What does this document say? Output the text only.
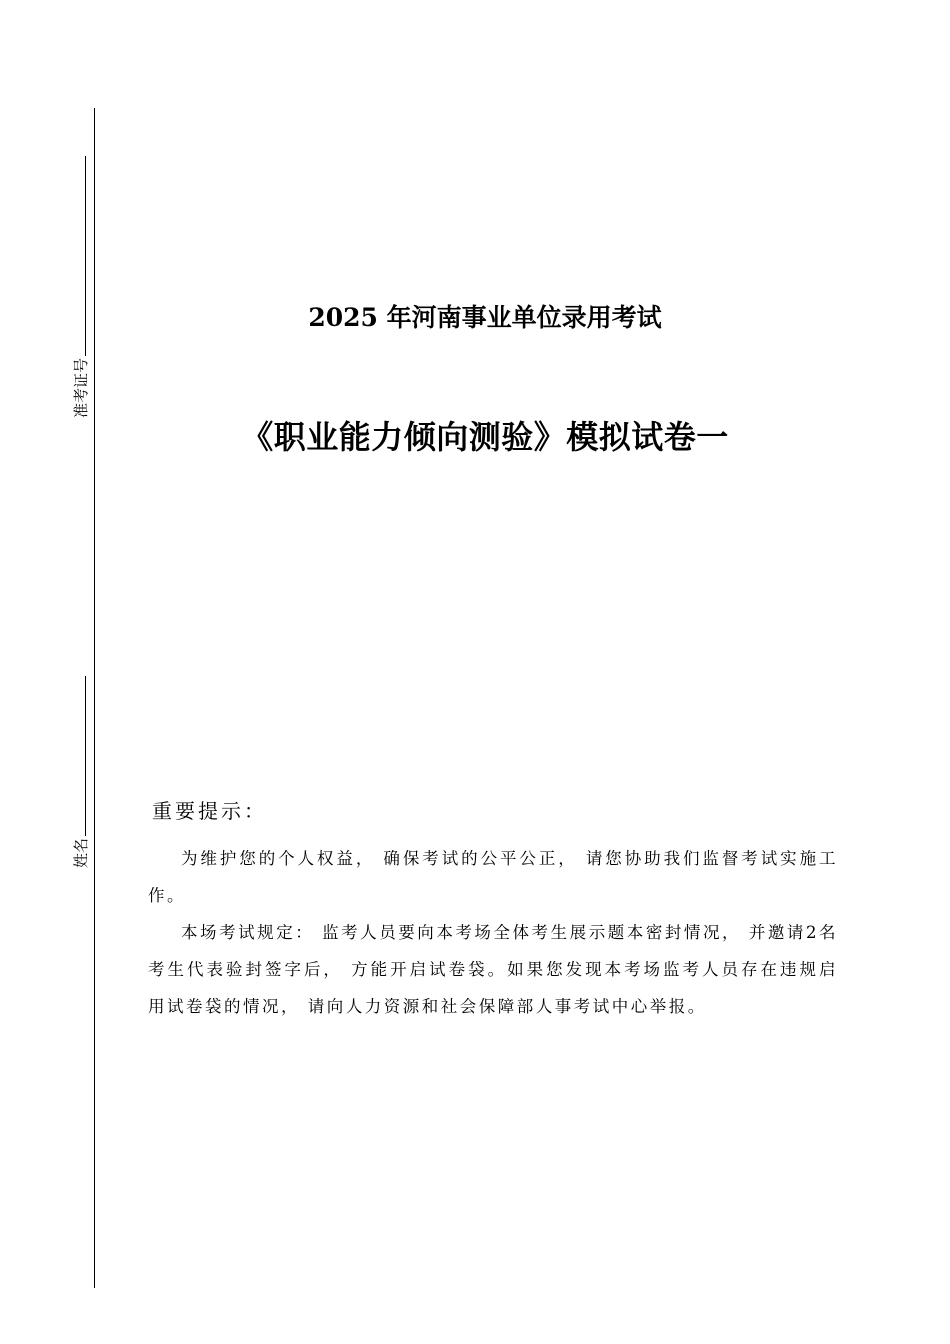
准考证号
姓名
2025 年河南事业单位录用考试
《职业能力倾向测验》模拟试卷一
重要提示：

为维护您的个人权益， 确保考试的公平公正， 请您协助我们监督考试实施工作。

本场考试规定： 监考人员要向本考场全体考生展示题本密封情况， 并邀请2名考生代表验封签字后， 方能开启试卷袋。如果您发现本考场监考人员存在违规启用试卷袋的情况， 请向人力资源和社会保障部人事考试中心举报。
